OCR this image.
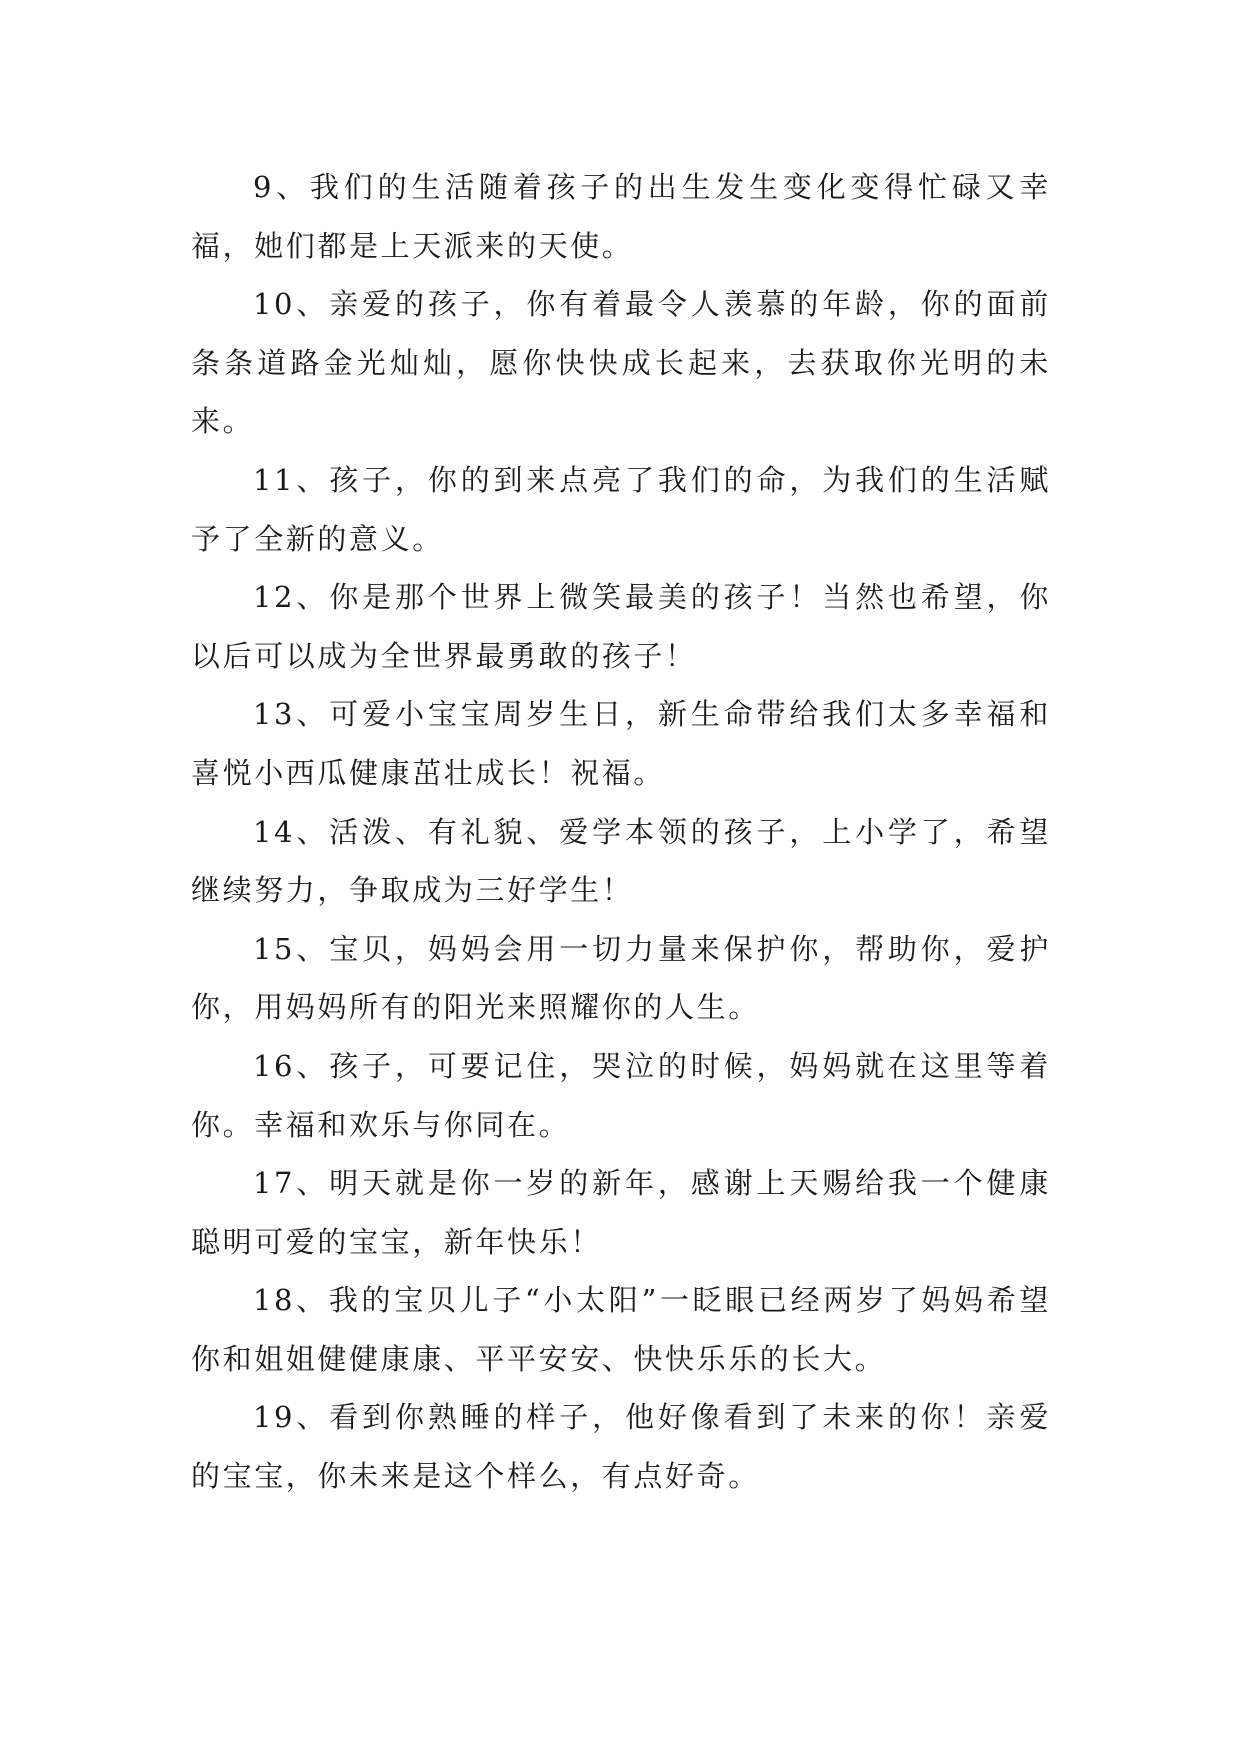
9、我们的生活随着孩子的出生发生变化变得忙碌又幸福，她们都是上天派来的天使。

10、亲爱的孩子，你有着最令人羡慕的年龄，你的面前条条道路金光灿灿，愿你快快成长起来，去获取你光明的未来。

11、孩子，你的到来点亮了我们的命，为我们的生活赋予了全新的意义。

12、你是那个世界上微笑最美的孩子！当然也希望，你以后可以成为全世界最勇敢的孩子！

13、可爱小宝宝周岁生日，新生命带给我们太多幸福和喜悦小西瓜健康茁壮成长！祝福。

14、活泼、有礼貌、爱学本领的孩子，上小学了，希望继续努力，争取成为三好学生！

15、宝贝，妈妈会用一切力量来保护你，帮助你，爱护你，用妈妈所有的阳光来照耀你的人生。

16、孩子，可要记住，哭泣的时候，妈妈就在这里等着你。幸福和欢乐与你同在。

17、明天就是你一岁的新年，感谢上天赐给我一个健康聪明可爱的宝宝，新年快乐！

18、我的宝贝儿子“小太阳”一眨眼已经两岁了妈妈希望你和姐姐健健康康、平平安安、快快乐乐的长大。

19、看到你熟睡的样子，他好像看到了未来的你！亲爱的宝宝，你未来是这个样么，有点好奇。
